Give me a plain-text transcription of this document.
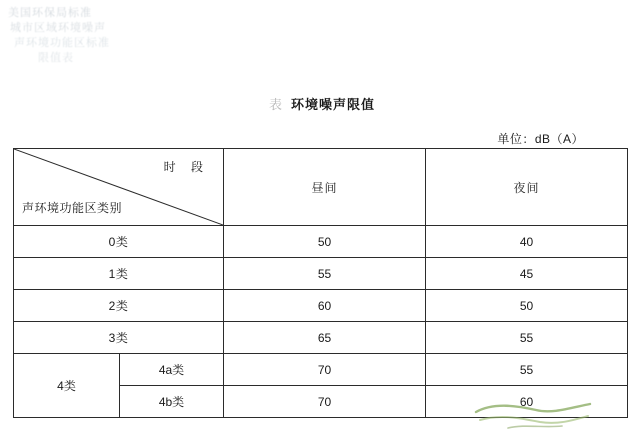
美国环保局标准
城市区域环境噪声
声环境功能区标准
限值表
表 环境噪声限值
单位：dB（A）
时 段
声环境功能区类别		昼间	夜间
0类		50	40
1类		55	45
2类		60	50
3类		65	55
4类	4a类	70	55
	4b类	70	60
